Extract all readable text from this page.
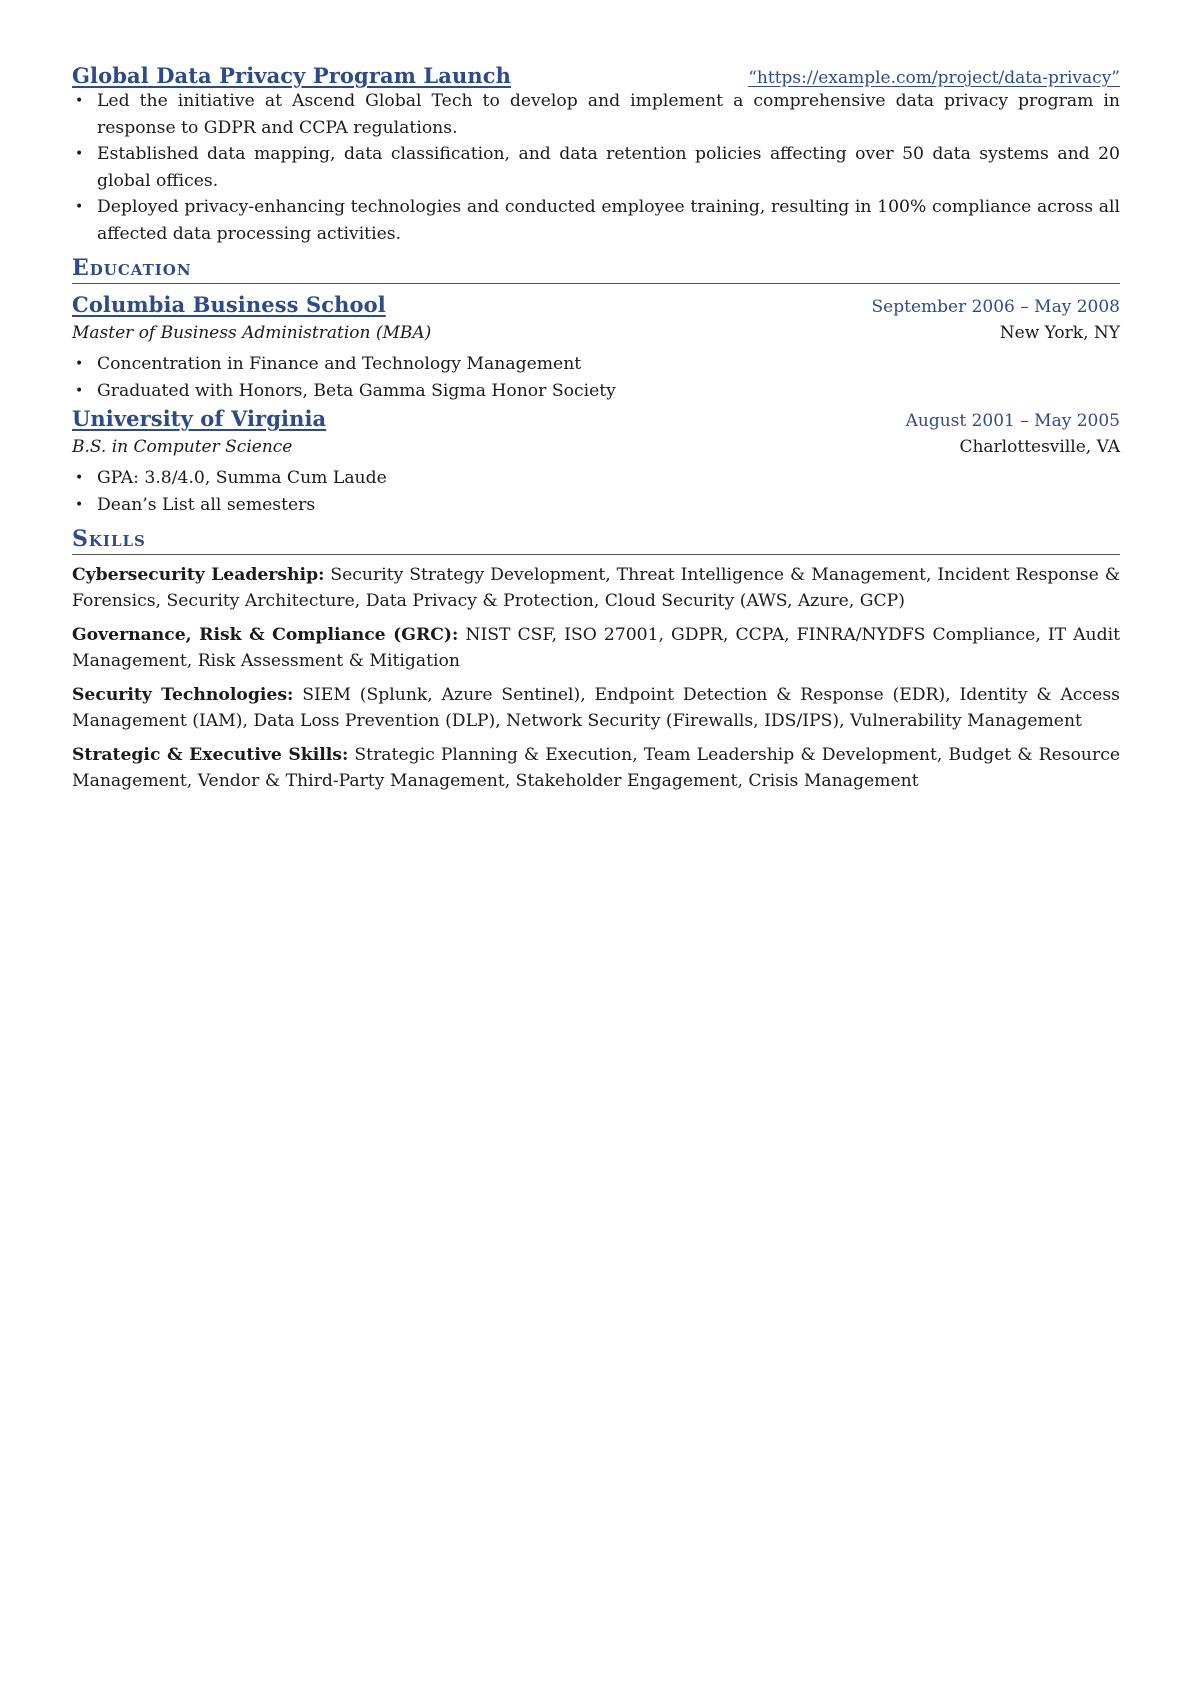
Global Data Privacy Program Launch	“https://example.com/project/data-privacy”
• Led the initiative at Ascend Global Tech to develop and implement a comprehensive data privacy program in response to GDPR and CCPA regulations.
• Established data mapping, data classification, and data retention policies affecting over 50 data systems and 20 global offices.
• Deployed privacy-enhancing technologies and conducted employee training, resulting in 100% compliance across all affected data processing activities.
Education
Columbia Business School	September 2006 – May 2008
Master of Business Administration (MBA)	New York, NY
• Concentration in Finance and Technology Management
• Graduated with Honors, Beta Gamma Sigma Honor Society
University of Virginia	August 2001 – May 2005
B.S. in Computer Science	Charlottesville, VA
• GPA: 3.8/4.0, Summa Cum Laude
• Dean’s List all semesters
Skills
Cybersecurity Leadership: Security Strategy Development, Threat Intelligence & Management, Incident Response & Forensics, Security Architecture, Data Privacy & Protection, Cloud Security (AWS, Azure, GCP)
Governance, Risk & Compliance (GRC): NIST CSF, ISO 27001, GDPR, CCPA, FINRA/NYDFS Compliance, IT Audit Management, Risk Assessment & Mitigation
Security Technologies: SIEM (Splunk, Azure Sentinel), Endpoint Detection & Response (EDR), Identity & Access Management (IAM), Data Loss Prevention (DLP), Network Security (Firewalls, IDS/IPS), Vulnerability Management
Strategic & Executive Skills: Strategic Planning & Execution, Team Leadership & Development, Budget & Resource Management, Vendor & Third-Party Management, Stakeholder Engagement, Crisis Management
